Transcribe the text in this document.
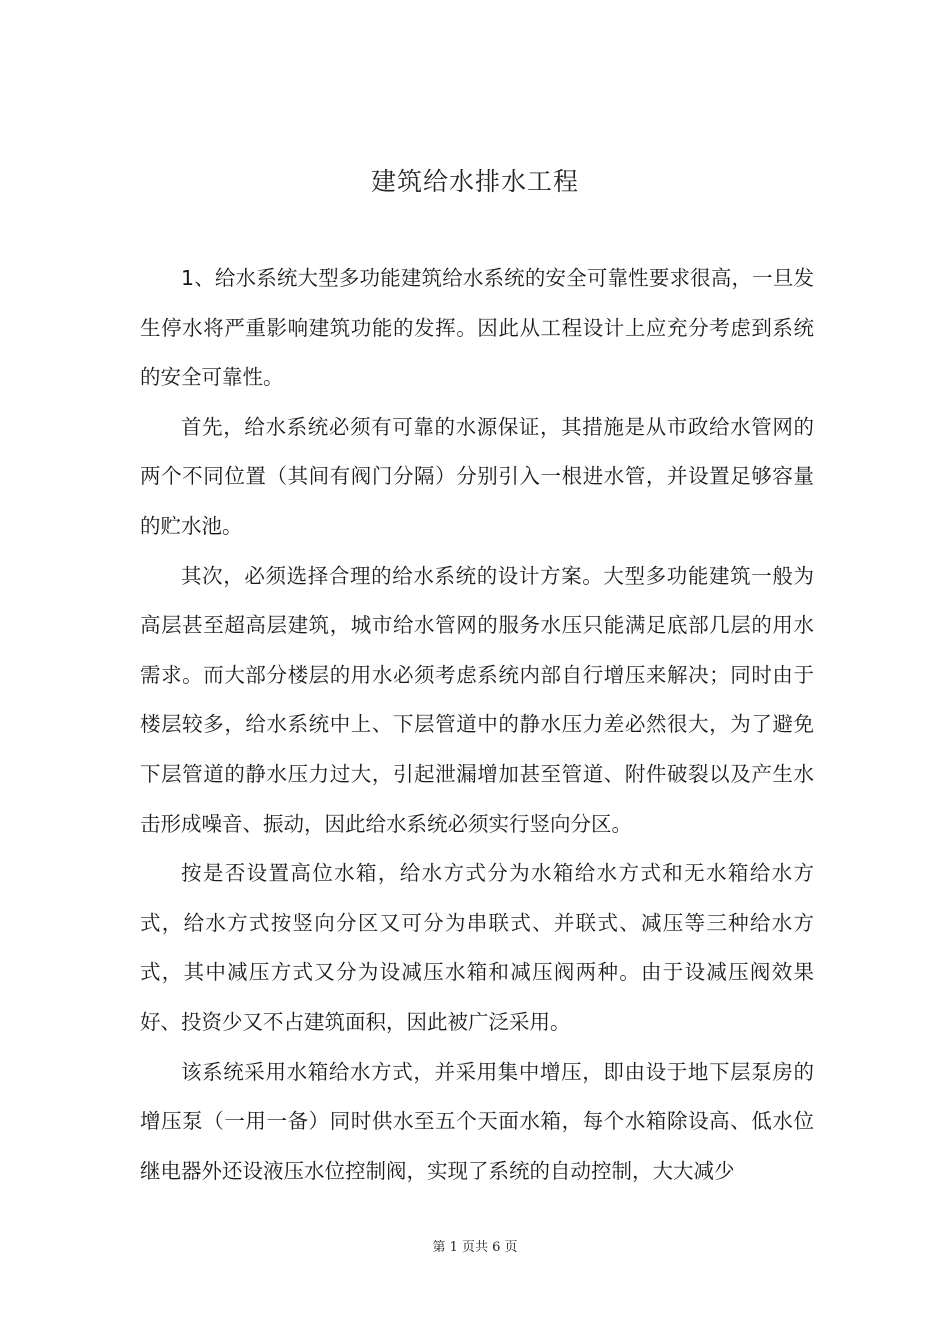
建筑给水排水工程

1、给水系统大型多功能建筑给水系统的安全可靠性要求很高，一旦发生停水将严重影响建筑功能的发挥。因此从工程设计上应充分考虑到系统的安全可靠性。

首先，给水系统必须有可靠的水源保证，其措施是从市政给水管网的两个不同位置（其间有阀门分隔）分别引入一根进水管，并设置足够容量的贮水池。

其次，必须选择合理的给水系统的设计方案。大型多功能建筑一般为高层甚至超高层建筑，城市给水管网的服务水压只能满足底部几层的用水需求。而大部分楼层的用水必须考虑系统内部自行增压来解决；同时由于楼层较多，给水系统中上、下层管道中的静水压力差必然很大，为了避免下层管道的静水压力过大，引起泄漏增加甚至管道、附件破裂以及产生水击形成噪音、振动，因此给水系统必须实行竖向分区。

按是否设置高位水箱，给水方式分为水箱给水方式和无水箱给水方式，给水方式按竖向分区又可分为串联式、并联式、减压等三种给水方式，其中减压方式又分为设减压水箱和减压阀两种。由于设减压阀效果好、投资少又不占建筑面积，因此被广泛采用。

该系统采用水箱给水方式，并采用集中增压，即由设于地下层泵房的增压泵（一用一备）同时供水至五个天面水箱，每个水箱除设高、低水位继电器外还设液压水位控制阀，实现了系统的自动控制，大大减少

第 1 页共 6 页
